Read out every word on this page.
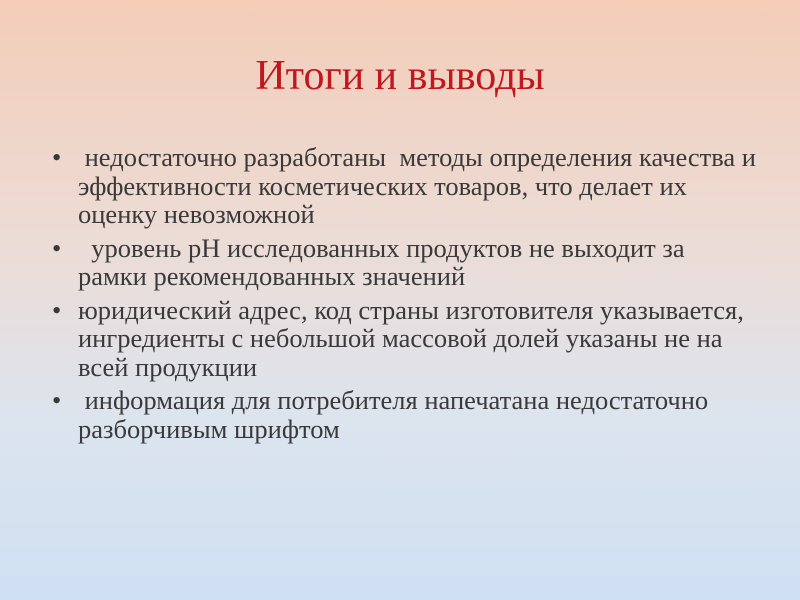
Итоги и выводы
• недостаточно разработаны  методы определения качества и эффективности косметических товаров, что делает их оценку невозможной
• уровень рН исследованных продуктов не выходит за рамки рекомендованных значений
• юридический адрес, код страны изготовителя указывается, ингредиенты с небольшой массовой долей указаны не на всей продукции
• информация для потребителя напечатана недостаточно разборчивым шрифтом
